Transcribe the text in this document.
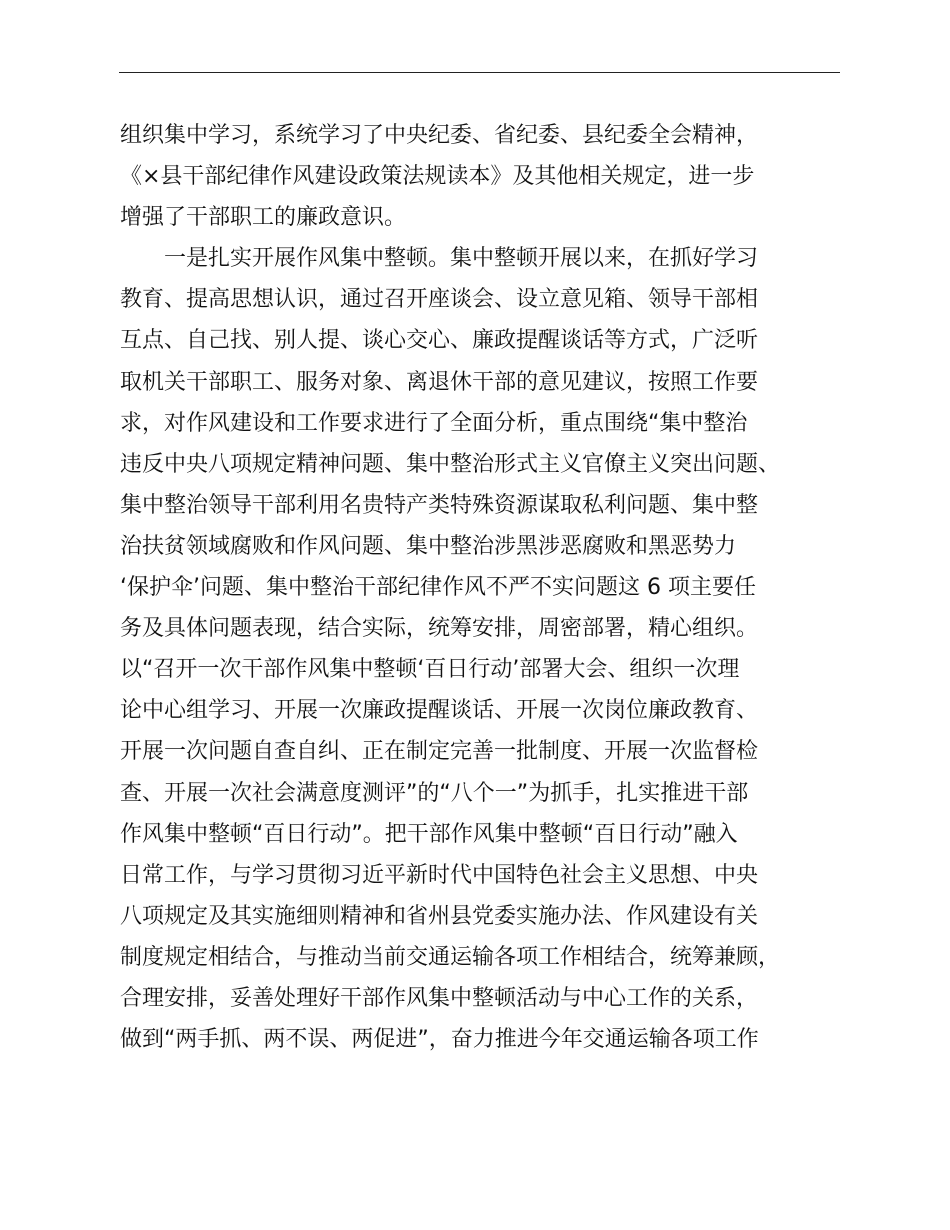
组织集中学习，系统学习了中央纪委、省纪委、县纪委全会精神，
《×县干部纪律作风建设政策法规读本》及其他相关规定，进一步
增强了干部职工的廉政意识。
一是扎实开展作风集中整顿。集中整顿开展以来，在抓好学习
教育、提高思想认识，通过召开座谈会、设立意见箱、领导干部相
互点、自己找、别人提、谈心交心、廉政提醒谈话等方式，广泛听
取机关干部职工、服务对象、离退休干部的意见建议，按照工作要
求，对作风建设和工作要求进行了全面分析，重点围绕“集中整治
违反中央八项规定精神问题、集中整治形式主义官僚主义突出问题、
集中整治领导干部利用名贵特产类特殊资源谋取私利问题、集中整
治扶贫领域腐败和作风问题、集中整治涉黑涉恶腐败和黑恶势力
‘保护伞’问题、集中整治干部纪律作风不严不实问题这 6 项主要任
务及具体问题表现，结合实际，统筹安排，周密部署，精心组织。
以“召开一次干部作风集中整顿‘百日行动’部署大会、组织一次理
论中心组学习、开展一次廉政提醒谈话、开展一次岗位廉政教育、
开展一次问题自查自纠、正在制定完善一批制度、开展一次监督检
查、开展一次社会满意度测评”的“八个一”为抓手，扎实推进干部
作风集中整顿“百日行动”。把干部作风集中整顿“百日行动”融入
日常工作，与学习贯彻习近平新时代中国特色社会主义思想、中央
八项规定及其实施细则精神和省州县党委实施办法、作风建设有关
制度规定相结合，与推动当前交通运输各项工作相结合，统筹兼顾，
合理安排，妥善处理好干部作风集中整顿活动与中心工作的关系，
做到“两手抓、两不误、两促进”，奋力推进今年交通运输各项工作
